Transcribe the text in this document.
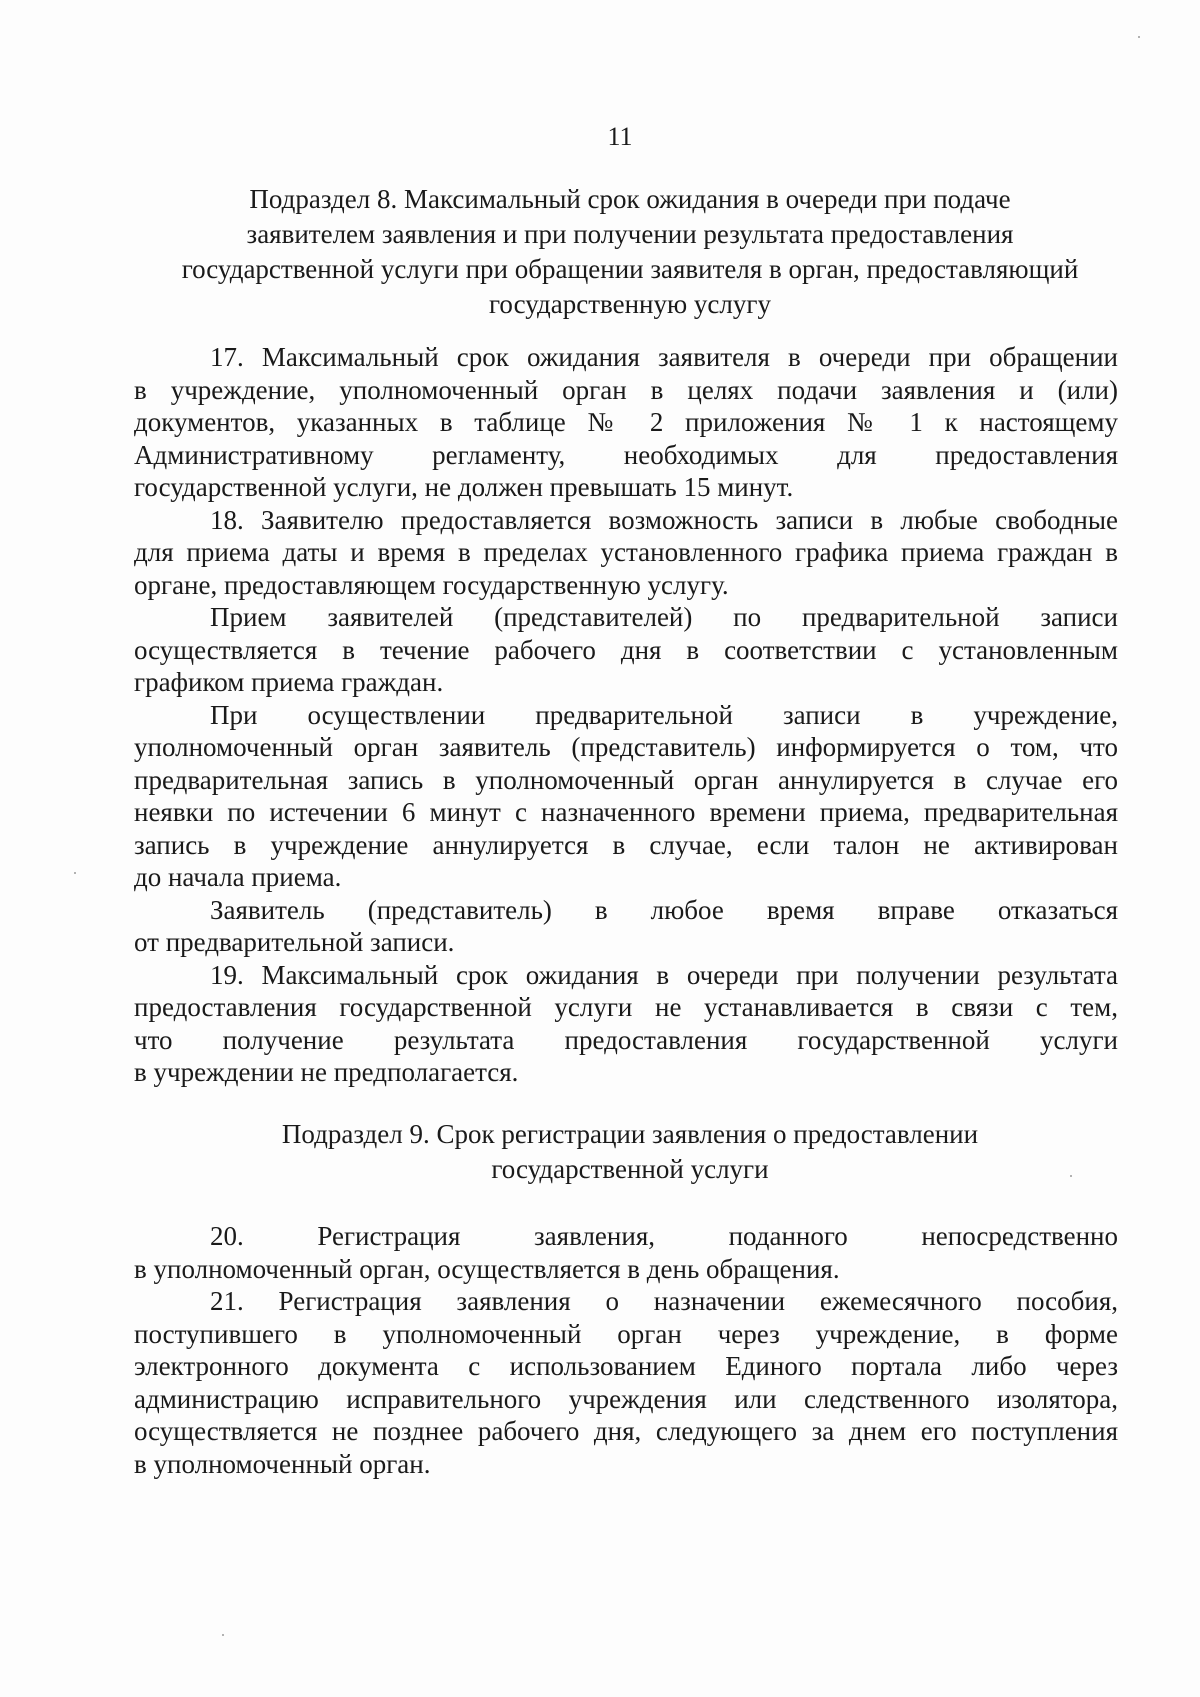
11
Подраздел 8. Максимальный срок ожидания в очереди при подаче
заявителем заявления и при получении результата предоставления
государственной услуги при обращении заявителя в орган, предоставляющий
государственную услугу
17. Максимальный срок ожидания заявителя в очереди при обращении
в учреждение, уполномоченный орган в целях подачи заявления и (или)
документов, указанных в таблице № 2 приложения № 1 к настоящему
Административному регламенту, необходимых для предоставления
государственной услуги, не должен превышать 15 минут.
18. Заявителю предоставляется возможность записи в любые свободные
для приема даты и время в пределах установленного графика приема граждан в
органе, предоставляющем государственную услугу.
Прием заявителей (представителей) по предварительной записи
осуществляется в течение рабочего дня в соответствии с установленным
графиком приема граждан.
При осуществлении предварительной записи в учреждение,
уполномоченный орган заявитель (представитель) информируется о том, что
предварительная запись в уполномоченный орган аннулируется в случае его
неявки по истечении 6 минут с назначенного времени приема, предварительная
запись в учреждение аннулируется в случае, если талон не активирован
до начала приема.
Заявитель (представитель) в любое время вправе отказаться
от предварительной записи.
19. Максимальный срок ожидания в очереди при получении результата
предоставления государственной услуги не устанавливается в связи с тем,
что получение результата предоставления государственной услуги
в учреждении не предполагается.
Подраздел 9. Срок регистрации заявления о предоставлении
государственной услуги
20. Регистрация заявления, поданного непосредственно
в уполномоченный орган, осуществляется в день обращения.
21. Регистрация заявления о назначении ежемесячного пособия,
поступившего в уполномоченный орган через учреждение, в форме
электронного документа с использованием Единого портала либо через
администрацию исправительного учреждения или следственного изолятора,
осуществляется не позднее рабочего дня, следующего за днем его поступления
в уполномоченный орган.
